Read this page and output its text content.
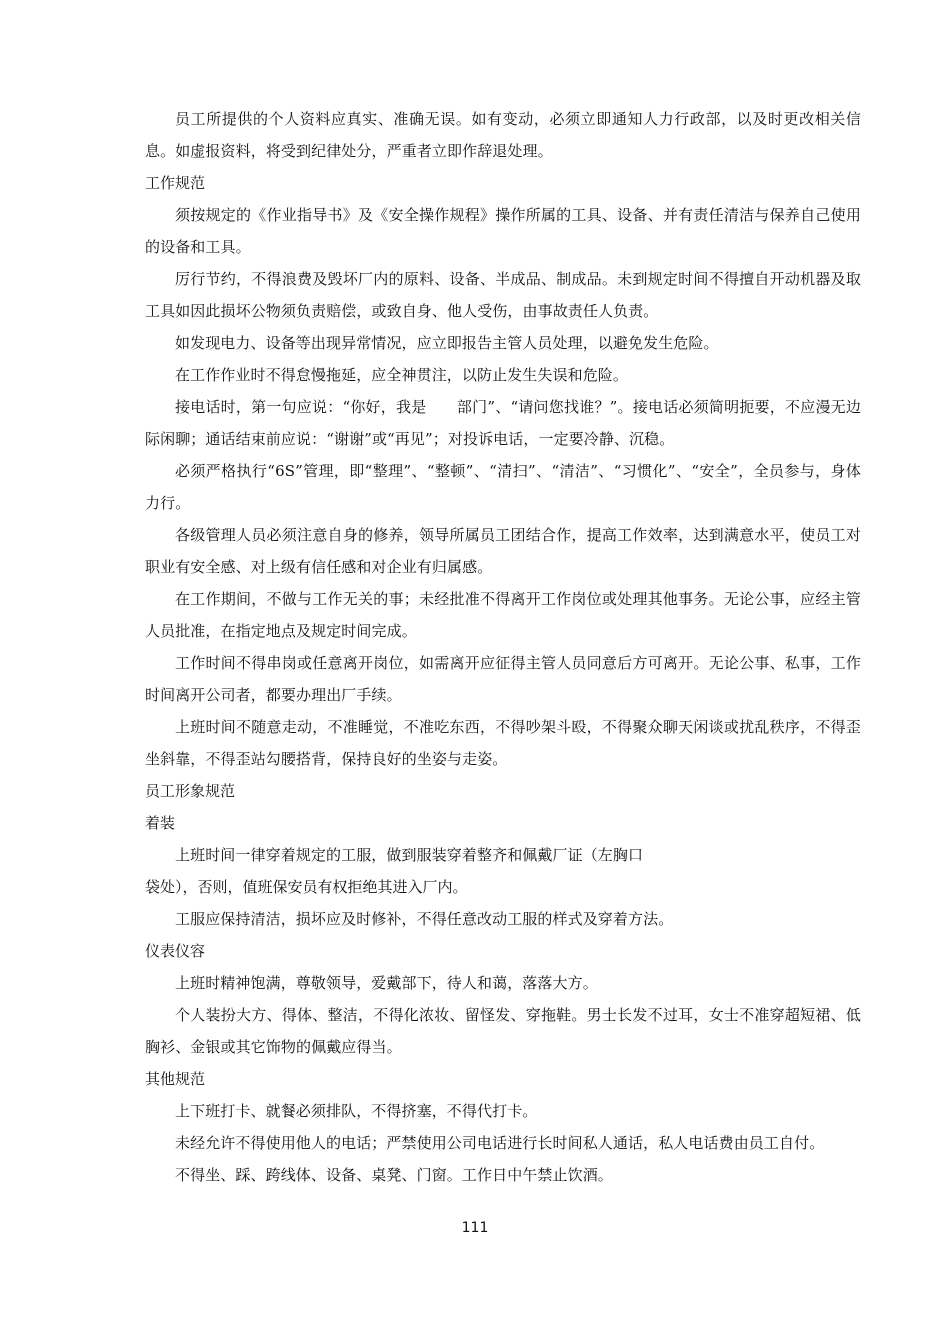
员工所提供的个人资料应真实、准确无误。如有变动，必须立即通知人力行政部，以及时更改相关信息。如虚报资料，将受到纪律处分，严重者立即作辞退处理。

工作规范

须按规定的《作业指导书》及《安全操作规程》操作所属的工具、设备、并有责任清洁与保养自己使用的设备和工具。

厉行节约，不得浪费及毁坏厂内的原料、设备、半成品、制成品。未到规定时间不得擅自开动机器及取工具如因此损坏公物须负责赔偿，或致自身、他人受伤，由事故责任人负责。

如发现电力、设备等出现异常情况，应立即报告主管人员处理，以避免发生危险。

在工作作业时不得怠慢拖延，应全神贯注，以防止发生失误和危险。

接电话时，第一句应说：“你好，我是　　部门”、“请问您找谁？”。接电话必须简明扼要，不应漫无边际闲聊；通话结束前应说：“谢谢”或“再见”；对投诉电话，一定要冷静、沉稳。

必须严格执行“6S”管理，即“整理”、“整顿”、“清扫”、“清洁”、“习惯化”、“安全”，全员参与，身体力行。

各级管理人员必须注意自身的修养，领导所属员工团结合作，提高工作效率，达到满意水平，使员工对职业有安全感、对上级有信任感和对企业有归属感。

在工作期间，不做与工作无关的事；未经批准不得离开工作岗位或处理其他事务。无论公事，应经主管人员批准，在指定地点及规定时间完成。

工作时间不得串岗或任意离开岗位，如需离开应征得主管人员同意后方可离开。无论公事、私事，工作时间离开公司者，都要办理出厂手续。

上班时间不随意走动，不准睡觉，不准吃东西，不得吵架斗殴，不得聚众聊天闲谈或扰乱秩序，不得歪坐斜靠，不得歪站勾腰搭背，保持良好的坐姿与走姿。

员工形象规范

着装

上班时间一律穿着规定的工服，做到服装穿着整齐和佩戴厂证（左胸口

袋处），否则，值班保安员有权拒绝其进入厂内。

工服应保持清洁，损坏应及时修补，不得任意改动工服的样式及穿着方法。

仪表仪容

上班时精神饱满，尊敬领导，爱戴部下，待人和蔼，落落大方。

个人装扮大方、得体、整洁，不得化浓妆、留怪发、穿拖鞋。男士长发不过耳，女士不准穿超短裙、低胸衫、金银或其它饰物的佩戴应得当。

其他规范

上下班打卡、就餐必须排队，不得挤塞，不得代打卡。

未经允许不得使用他人的电话；严禁使用公司电话进行长时间私人通话，私人电话费由员工自付。

不得坐、踩、跨线体、设备、桌凳、门窗。工作日中午禁止饮酒。

111
